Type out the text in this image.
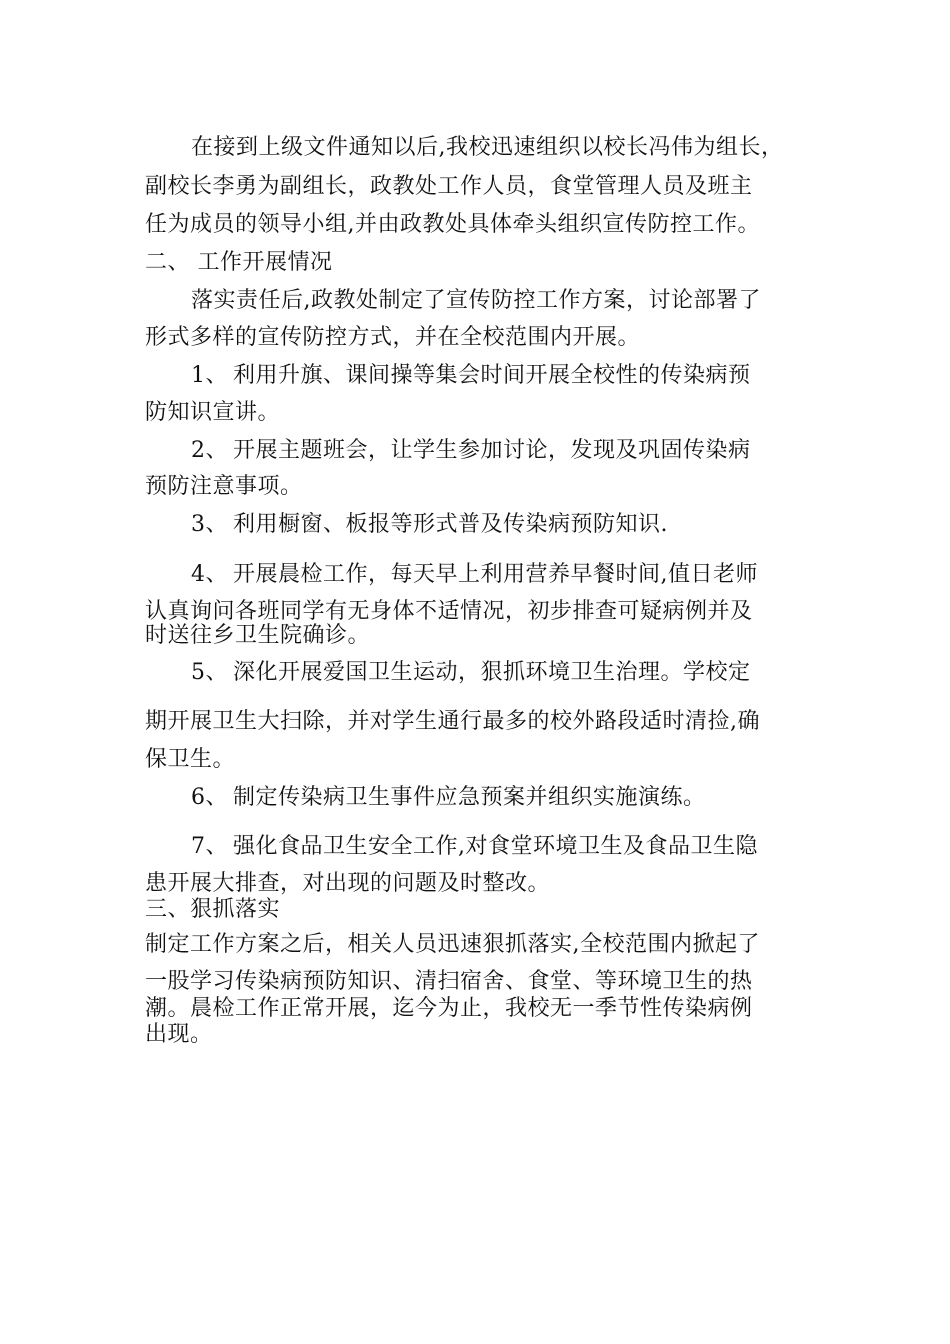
在接到上级文件通知以后,我校迅速组织以校长冯伟为组长，
副校长李勇为副组长，政教处工作人员，食堂管理人员及班主
任为成员的领导小组,并由政教处具体牵头组织宣传防控工作。
二、 工作开展情况
落实责任后,政教处制定了宣传防控工作方案，讨论部署了
形式多样的宣传防控方式，并在全校范围内开展。
1、 利用升旗、课间操等集会时间开展全校性的传染病预
防知识宣讲。
2、 开展主题班会，让学生参加讨论，发现及巩固传染病
预防注意事项。
3、 利用橱窗、板报等形式普及传染病预防知识.
4、 开展晨检工作，每天早上利用营养早餐时间,值日老师
认真询问各班同学有无身体不适情况，初步排查可疑病例并及
时送往乡卫生院确诊。
5、 深化开展爱国卫生运动，狠抓环境卫生治理。学校定
期开展卫生大扫除，并对学生通行最多的校外路段适时清捡,确
保卫生。
6、 制定传染病卫生事件应急预案并组织实施演练。
7、 强化食品卫生安全工作,对食堂环境卫生及食品卫生隐
患开展大排查，对出现的问题及时整改。
三、狠抓落实
制定工作方案之后，相关人员迅速狠抓落实,全校范围内掀起了
一股学习传染病预防知识、清扫宿舍、食堂、等环境卫生的热
潮。晨检工作正常开展，迄今为止，我校无一季节性传染病例
出现。
